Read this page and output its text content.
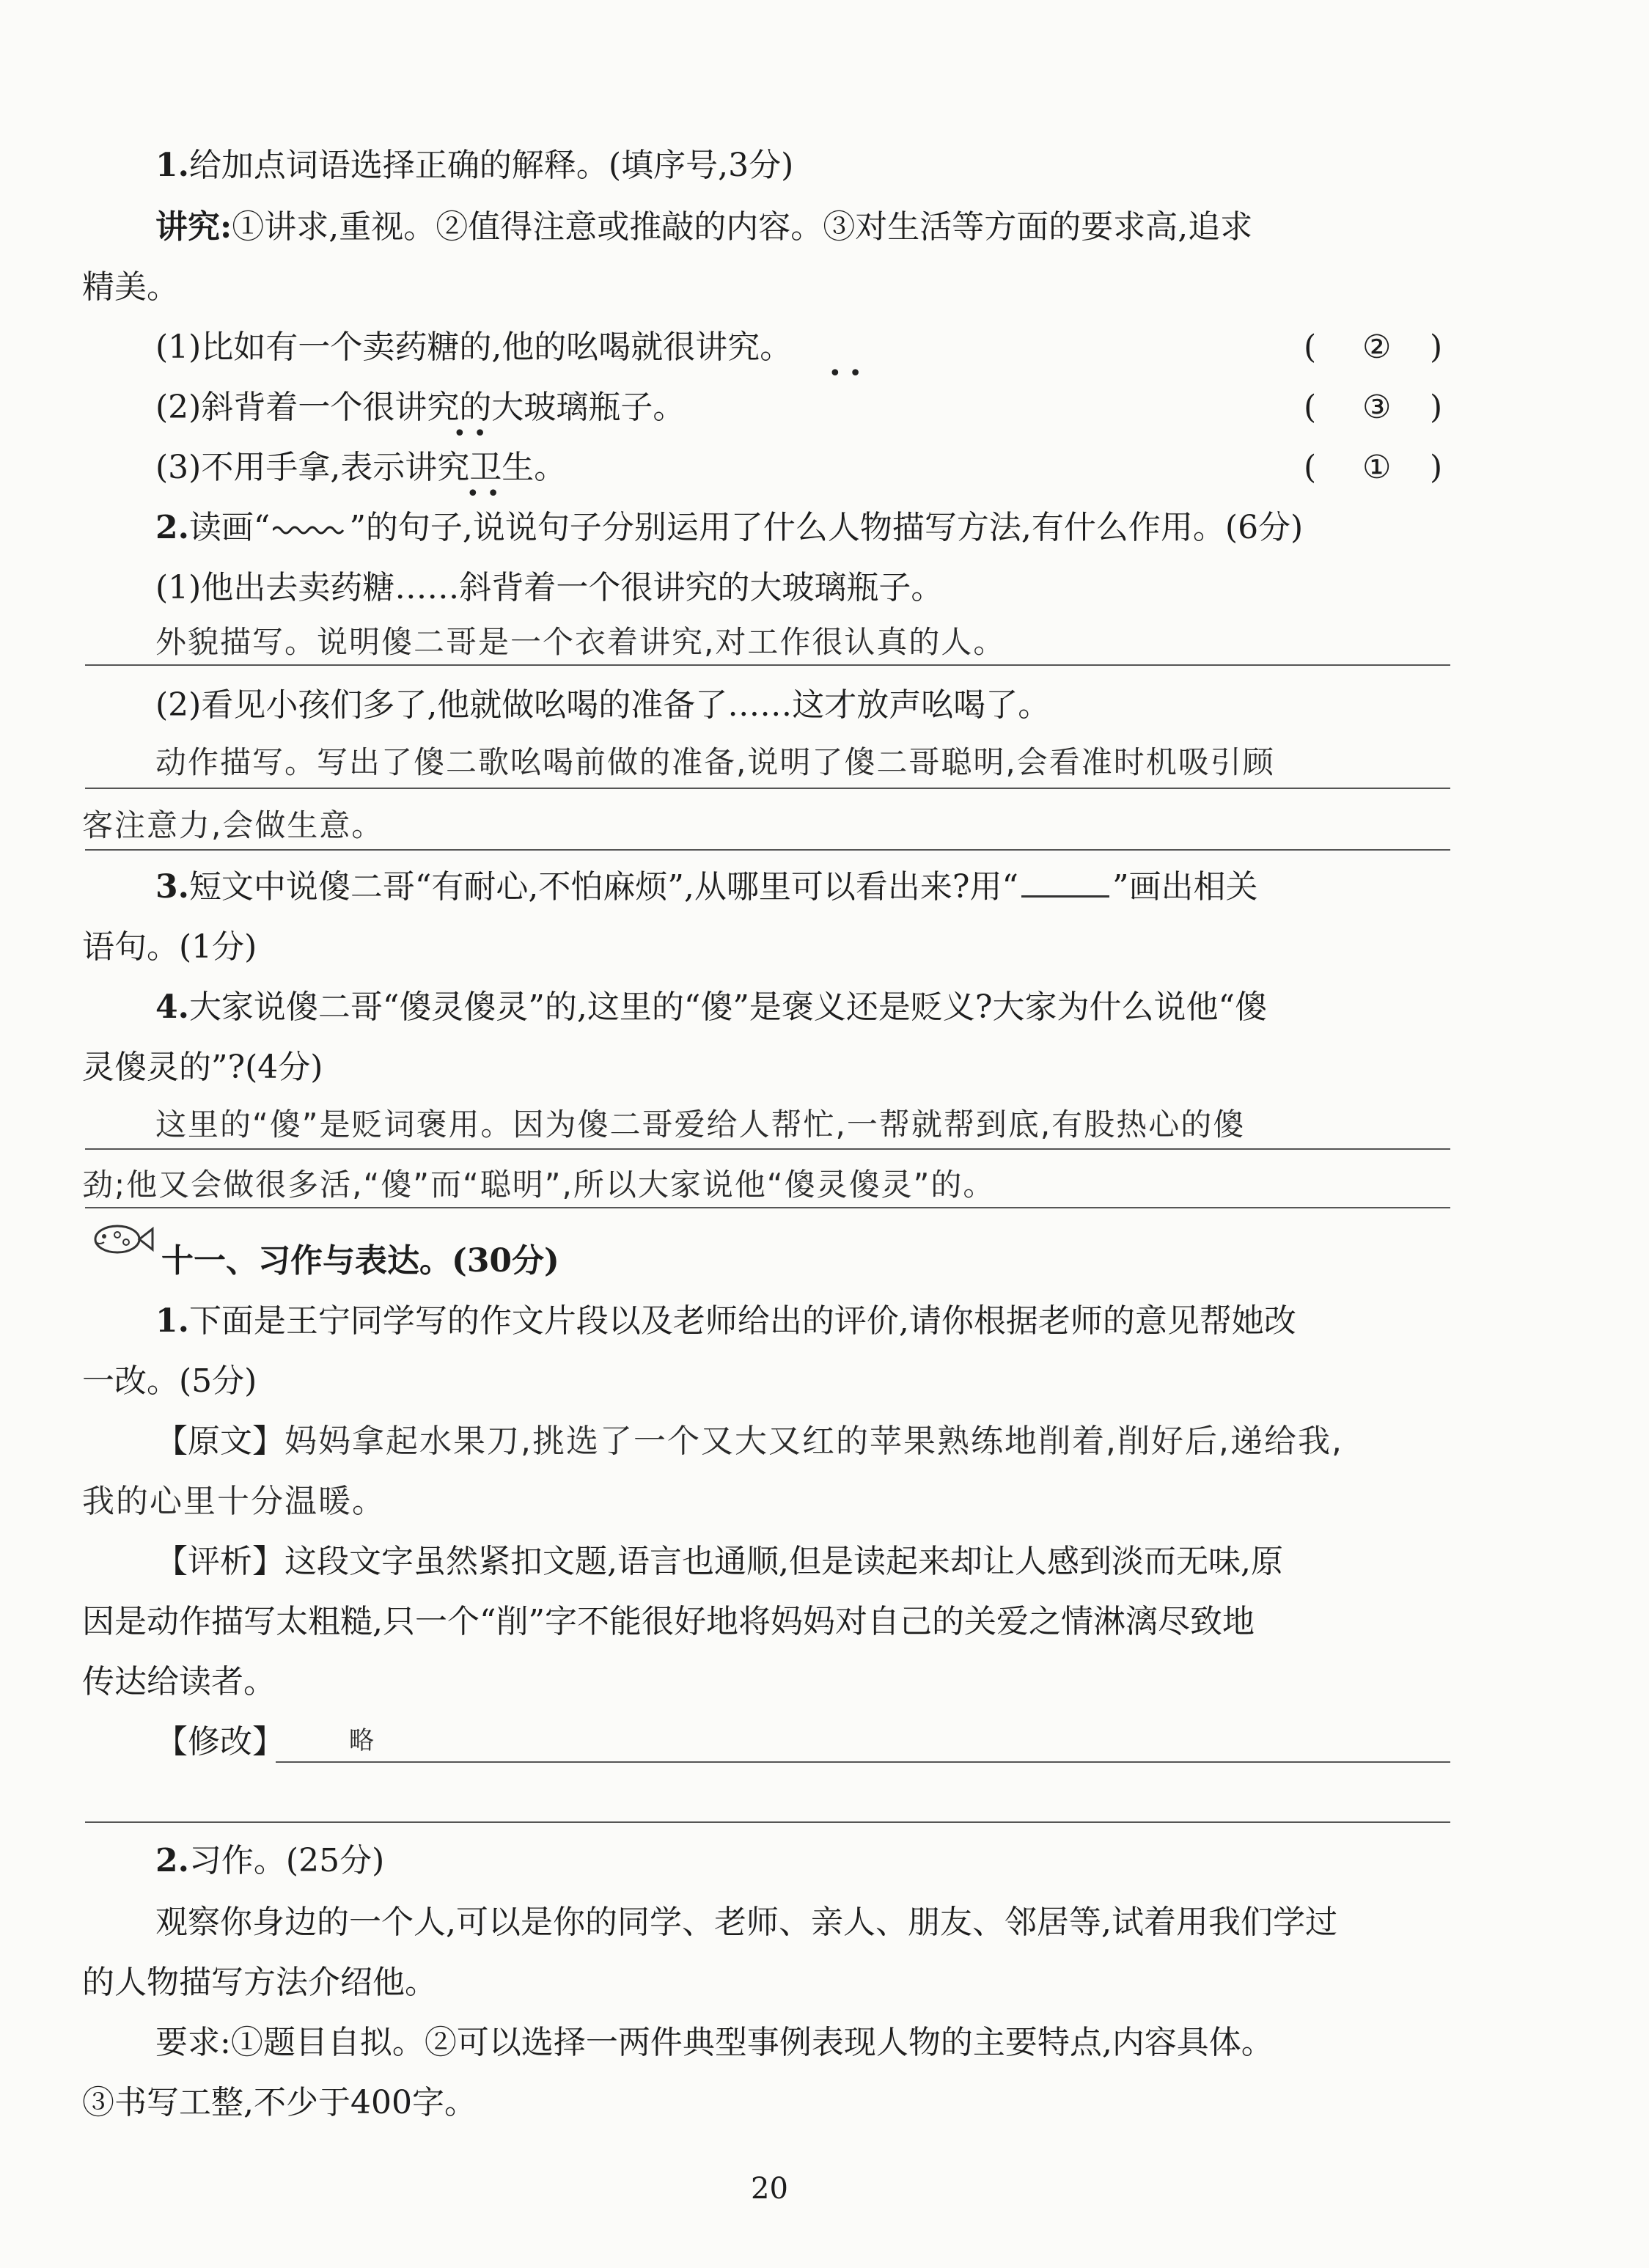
1.给加点词语选择正确的解释。(填序号,3分)
讲究:①讲求,重视。②值得注意或推敲的内容。③对生活等方面的要求高,追求
精美。
(1)比如有一个卖药糖的,他的吆喝就很讲究。
••
( ② )
(2)斜背着一个很讲究的大玻璃瓶子。
••
( ③ )
(3)不用手拿,表示讲究卫生。
••
( ① )
2.读画“ ”的句子,说说句子分别运用了什么人物描写方法,有什么作用。(6分)
(1)他出去卖药糖……斜背着一个很讲究的大玻璃瓶子。
外貌描写。说明傻二哥是一个衣着讲究,对工作很认真的人。
(2)看见小孩们多了,他就做吆喝的准备了……这才放声吆喝了。
动作描写。写出了傻二歌吆喝前做的准备,说明了傻二哥聪明,会看准时机吸引顾
客注意力,会做生意。
3.短文中说傻二哥“有耐心,不怕麻烦”,从哪里可以看出来?用“	”画出相关
语句。(1分)
4.大家说傻二哥“傻灵傻灵”的,这里的“傻”是褒义还是贬义?大家为什么说他“傻
灵傻灵的”?(4分)
这里的“傻”是贬词褒用。因为傻二哥爱给人帮忙,一帮就帮到底,有股热心的傻
劲;他又会做很多活,“傻”而“聪明”,所以大家说他“傻灵傻灵”的。
十一、习作与表达。(30分)
1.下面是王宁同学写的作文片段以及老师给出的评价,请你根据老师的意见帮她改
一改。(5分)
【原文】妈妈拿起水果刀,挑选了一个又大又红的苹果熟练地削着,削好后,递给我,
我的心里十分温暖。
【评析】这段文字虽然紧扣文题,语言也通顺,但是读起来却让人感到淡而无味,原
因是动作描写太粗糙,只一个“削”字不能很好地将妈妈对自己的关爱之情淋漓尽致地
传达给读者。
【修改】	略
2.习作。(25分)
观察你身边的一个人,可以是你的同学、老师、亲人、朋友、邻居等,试着用我们学过
的人物描写方法介绍他。
要求:①题目自拟。②可以选择一两件典型事例表现人物的主要特点,内容具体。
③书写工整,不少于400字。
20
